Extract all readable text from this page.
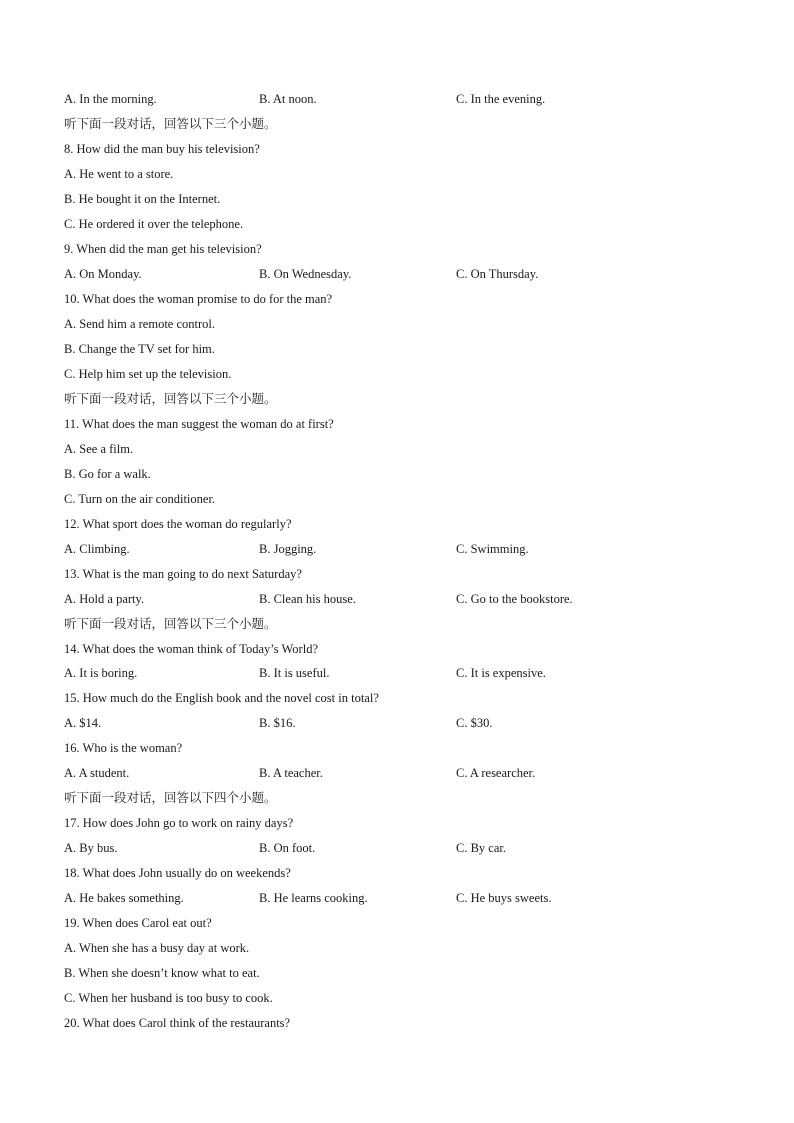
A. In the morning.	B. At noon.	C. In the evening.
听下面一段对话，回答以下三个小题。
8. How did the man buy his television?
A. He went to a store.
B. He bought it on the Internet.
C. He ordered it over the telephone.
9. When did the man get his television?
A. On Monday.	B. On Wednesday.	C. On Thursday.
10. What does the woman promise to do for the man?
A. Send him a remote control.
B. Change the TV set for him.
C. Help him set up the television.
听下面一段对话，回答以下三个小题。
11. What does the man suggest the woman do at first?
A. See a film.
B. Go for a walk.
C. Turn on the air conditioner.
12. What sport does the woman do regularly?
A. Climbing.	B. Jogging.	C. Swimming.
13. What is the man going to do next Saturday?
A. Hold a party.	B. Clean his house.	C. Go to the bookstore.
听下面一段对话，回答以下三个小题。
14. What does the woman think of Today’s World?
A. It is boring.	B. It is useful.	C. It is expensive.
15. How much do the English book and the novel cost in total?
A. $14.	B. $16.	C. $30.
16. Who is the woman?
A. A student.	B. A teacher.	C. A researcher.
听下面一段对话，回答以下四个小题。
17. How does John go to work on rainy days?
A. By bus.	B. On foot.	C. By car.
18. What does John usually do on weekends?
A. He bakes something.	B. He learns cooking.	C. He buys sweets.
19. When does Carol eat out?
A. When she has a busy day at work.
B. When she doesn’t know what to eat.
C. When her husband is too busy to cook.
20. What does Carol think of the restaurants?
